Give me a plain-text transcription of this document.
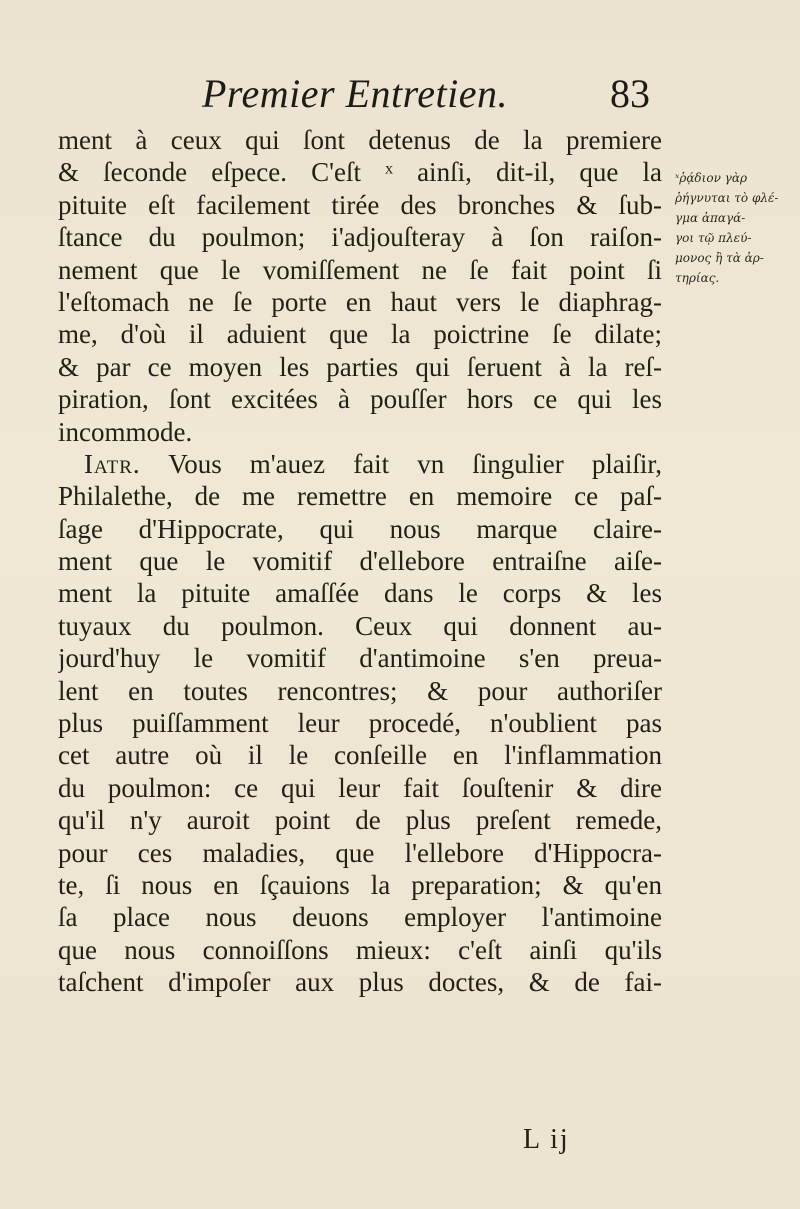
Premier Entretien.	83
ment à ceux qui ſont detenus de la premiere
& ſeconde eſpece. C'eſt ˣ ainſi, dit-il, que la
pituite eſt facilement tirée des bronches & ſub-
ſtance du poulmon; i'adjouſteray à ſon raiſon-
nement que le vomiſſement ne ſe fait point ſi
l'eſtomach ne ſe porte en haut vers le diaphrag-
me, d'où il aduient que la poictrine ſe dilate;
& par ce moyen les parties qui ſeruent à la reſ-
piration, ſont excitées à pouſſer hors ce qui les
incommode.
Iatr. Vous m'auez fait vn ſingulier plaiſir,
Philalethe, de me remettre en memoire ce paſ-
ſage d'Hippocrate, qui nous marque claire-
ment que le vomitif d'ellebore entraiſne aiſe-
ment la pituite amaſſée dans le corps & les
tuyaux du poulmon. Ceux qui donnent au-
jourd'huy le vomitif d'antimoine s'en preua-
lent en toutes rencontres; & pour authoriſer
plus puiſſamment leur procedé, n'oublient pas
cet autre où il le conſeille en l'inflammation
du poulmon: ce qui leur fait ſouſtenir & dire
qu'il n'y auroit point de plus preſent remede,
pour ces maladies, que l'ellebore d'Hippocra-
te, ſi nous en ſçauions la preparation; & qu'en
ſa place nous deuons employer l'antimoine
que nous connoiſſons mieux: c'eſt ainſi qu'ils
taſchent d'impoſer aux plus doctes, & de fai-
ˣῥᾴδιον γὰρ
ῥήγνυται τὸ φλέ-
γμα ἀπαγά-
γοι τῷ πλεύ-
μονος ἢ τὰ ἀρ-
τηρίας.
L ij
